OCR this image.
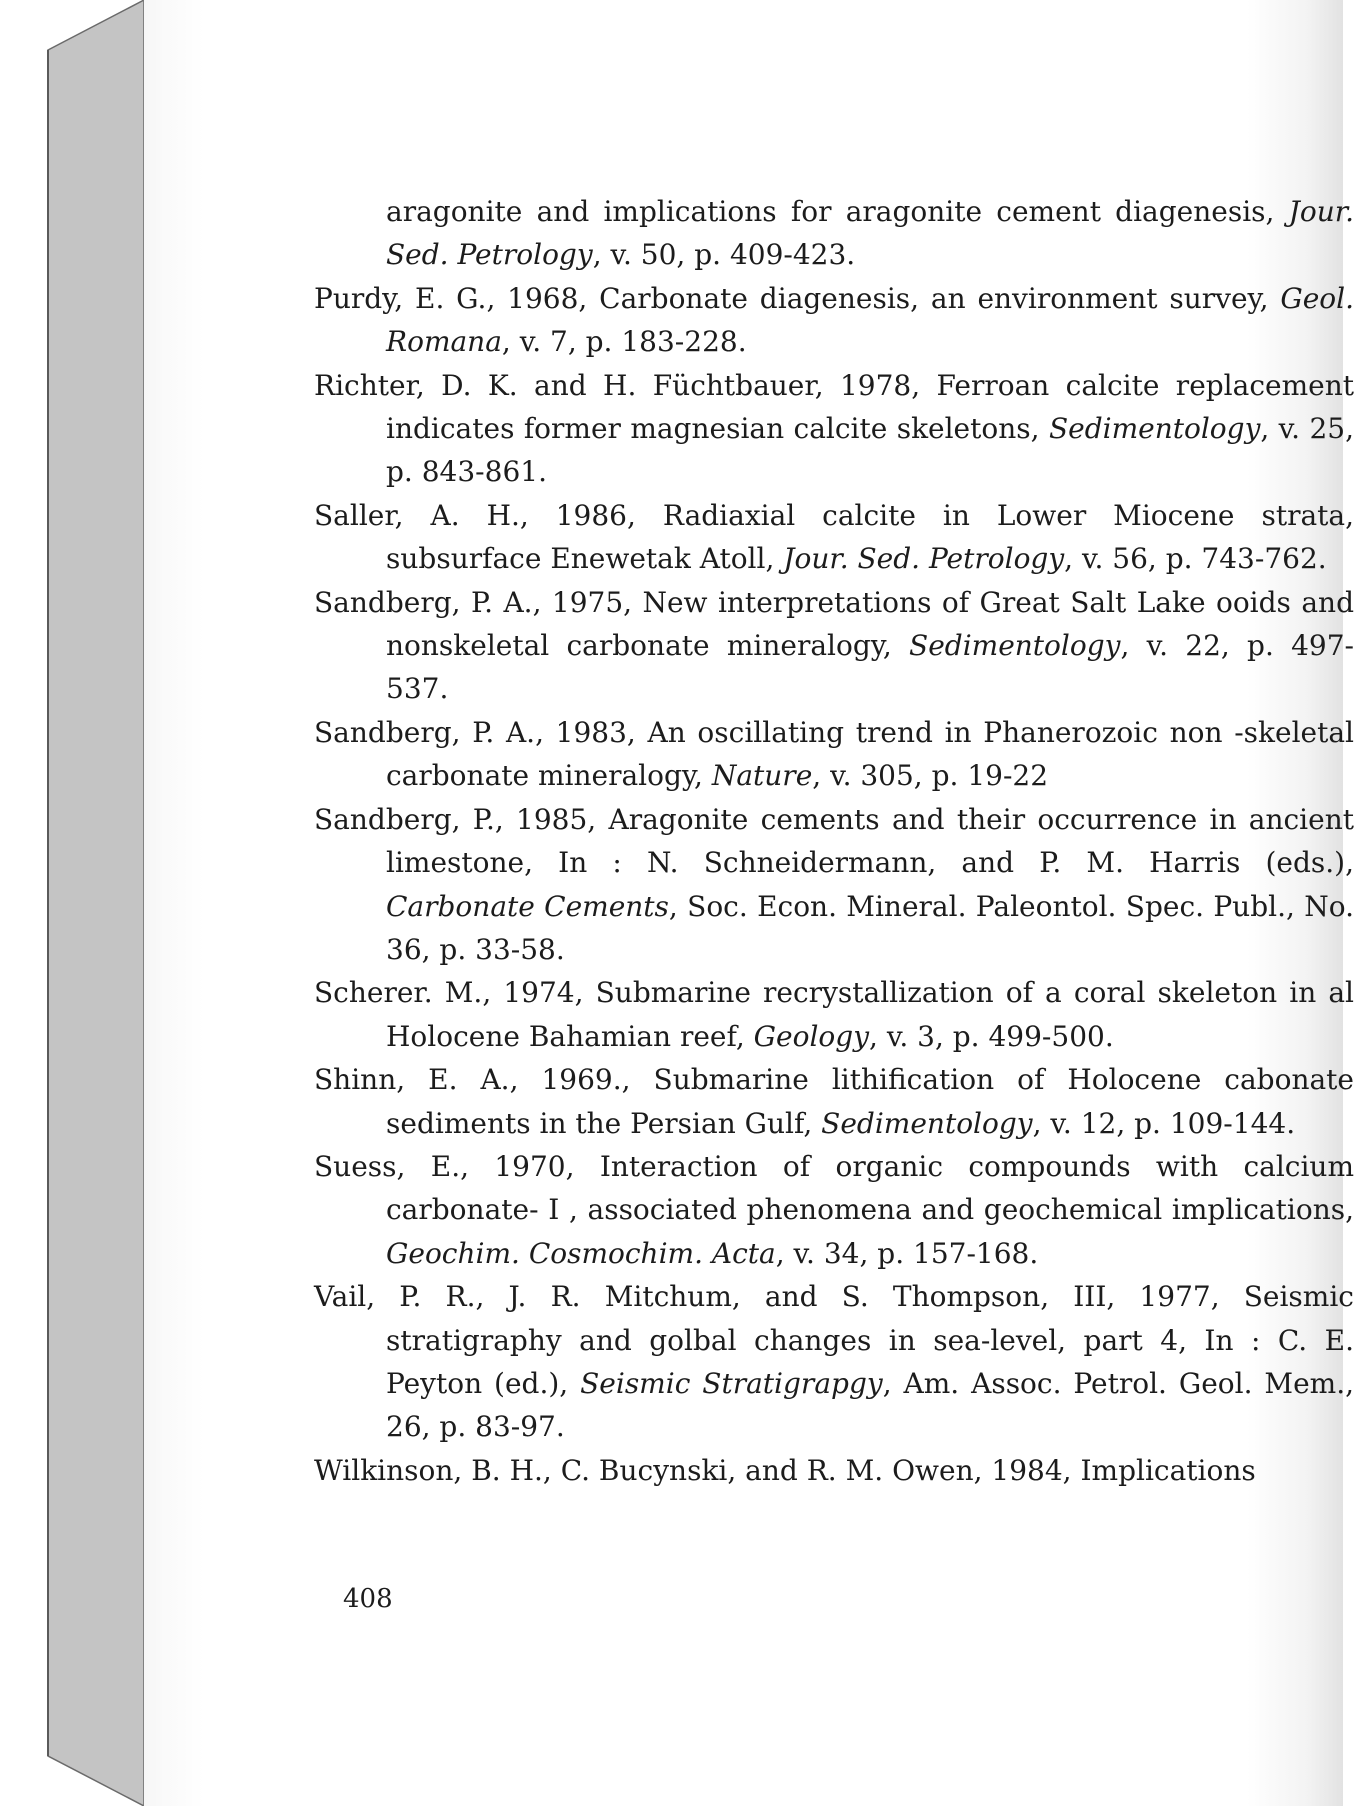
aragonite and implications for aragonite cement diagenesis, Jour. Sed. Petrology, v. 50, p. 409-423.

Purdy, E. G., 1968, Carbonate diagenesis, an environment survey, Geol. Romana, v. 7, p. 183-228.

Richter, D. K. and H. Füchtbauer, 1978, Ferroan calcite replacement indicates former magnesian calcite skeletons, Sedimentology, v. 25, p. 843-861.

Saller, A. H., 1986, Radiaxial calcite in Lower Miocene strata, subsurface Enewetak Atoll, Jour. Sed. Petrology, v. 56, p. 743-762.

Sandberg, P. A., 1975, New interpretations of Great Salt Lake ooids and nonskeletal carbonate mineralogy, Sedimentology, v. 22, p. 497-537.

Sandberg, P. A., 1983, An oscillating trend in Phanerozoic non -skeletal carbonate mineralogy, Nature, v. 305, p. 19-22

Sandberg, P., 1985, Aragonite cements and their occurrence in ancient limestone, In : N. Schneidermann, and P. M. Harris (eds.), Carbonate Cements, Soc. Econ. Mineral. Paleontol. Spec. Publ., No. 36, p. 33-58.

Scherer. M., 1974, Submarine recrystallization of a coral skeleton in al Holocene Bahamian reef, Geology, v. 3, p. 499-500.

Shinn, E. A., 1969., Submarine lithification of Holocene cabonate sediments in the Persian Gulf, Sedimentology, v. 12, p. 109-144.

Suess, E., 1970, Interaction of organic compounds with calcium carbonate- I , associated phenomena and geochemical implications, Geochim. Cosmochim. Acta, v. 34, p. 157-168.

Vail, P. R., J. R. Mitchum, and S. Thompson, III, 1977, Seismic stratigraphy and golbal changes in sea-level, part 4, In : C. E. Peyton (ed.), Seismic Stratigrapgy, Am. Assoc. Petrol. Geol. Mem., 26, p. 83-97.

Wilkinson, B. H., C. Bucynski, and R. M. Owen, 1984, Implications

408
